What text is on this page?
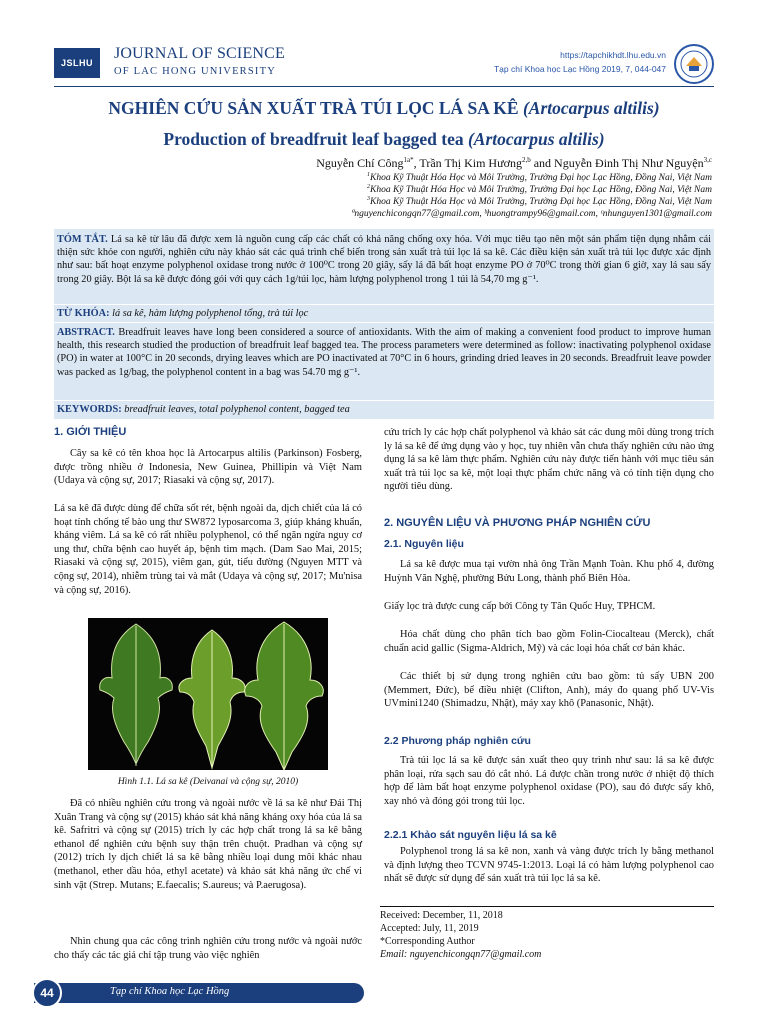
JSLHU
JOURNAL OF SCIENCE
OF LAC HONG UNIVERSITY
https://tapchikhdt.lhu.edu.vn
Tạp chí Khoa học Lạc Hồng 2019, 7, 044-047
NGHIÊN CỨU SẢN XUẤT TRÀ TÚI LỌC LÁ SA KÊ (Artocarpus altilis)
Production of breadfruit leaf bagged tea (Artocarpus altilis)
Nguyễn Chí Công$^{1a*}$, Trần Thị Kim Hương$^{2,b}$ and Nguyễn Đinh Thị Như Nguyện$^{3,c}$
$^1$Khoa Kỹ Thuật Hóa Học và Môi Trường, Trường Đại học Lạc Hồng, Đồng Nai, Việt Nam
$^2$Khoa Kỹ Thuật Hóa Học và Môi Trường, Trường Đại học Lạc Hồng, Đồng Nai, Việt Nam
$^3$Khoa Kỹ Thuật Hóa Học và Môi Trường, Trường Đại học Lạc Hồng, Đồng Nai, Việt Nam
ªnguyenchicongqn77@gmail.com, ᵇhuongtrampy96@gmail.com, ᶜnhunguyen1301@gmail.com
TÓM TẮT. Lá sa kê từ lâu đã được xem là nguồn cung cấp các chất có khả năng chống oxy hóa. Với mục tiêu tạo nên một sản phẩm tiện dụng nhằm cải thiện sức khỏe con người, nghiên cứu này khảo sát các quá trình chế biến trong sản xuất trà túi lọc lá sa kê. Các điều kiện sản xuất trà túi lọc được xác định như sau: bất hoạt enzyme polyphenol oxidase trong nước ở 100⁰C trong 20 giây, sấy lá đã bất hoạt enzyme PO ở 70⁰C trong thời gian 6 giờ, xay lá sau sấy trong 20 giây. Bột lá sa kê được đóng gói với quy cách 1g/túi lọc, hàm lượng polyphenol trong 1 túi là 54,70 mg g⁻¹.
TỪ KHÓA: lá sa kê, hàm lượng polyphenol tổng, trà túi lọc
ABSTRACT. Breadfruit leaves have long been considered a source of antioxidants. With the aim of making a convenient food product to improve human health, this research studied the production of breadfruit leaf bagged tea. The process parameters were determined as follow: inactivating polyphenol oxidase (PO) in water at 100°C in 20 seconds, drying leaves which are PO inactivated at 70°C in 6 hours, grinding dried leaves in 20 seconds. Breadfruit leave powder was packed as 1g/bag, the polyphenol content in a bag was 54.70 mg g⁻¹.
KEYWORDS: breadfruit leaves, total polyphenol content, bagged tea
1. GIỚI THIỆU
Cây sa kê có tên khoa học là Artocarpus altilis (Parkinson) Fosberg, được trồng nhiều ở Indonesia, New Guinea, Phillipin và Việt Nam (Udaya và cộng sự, 2017; Riasaki và cộng sự, 2017).
Lá sa kê đã được dùng để chữa sốt rét, bệnh ngoài da, dịch chiết của lá có hoạt tính chống tế bào ung thư SW872 lyposarcoma 3, giúp kháng khuẩn, kháng viêm. Lá sa kê có rất nhiều polyphenol, có thể ngăn ngừa nguy cơ ung thư, chữa bệnh cao huyết áp, bệnh tim mạch. (Dam Sao Mai, 2015; Riasaki và cộng sự, 2015), viêm gan, gút, tiểu đường (Nguyen MTT và cộng sự, 2014), nhiễm trùng tai và mắt (Udaya và cộng sự, 2017; Mu'nisa và cộng sự, 2016).
Hình 1.1. Lá sa kê (Deivanai và cộng sự, 2010)
Đã có nhiều nghiên cứu trong và ngoài nước về lá sa kê như Đái Thị Xuân Trang và cộng sự (2015) khảo sát khả năng kháng oxy hóa của lá sa kê. Safritri và cộng sự (2015) trích ly các hợp chất trong lá sa kê bằng ethanol để nghiên cứu bệnh suy thận trên chuột. Pradhan và cộng sự (2012) trích ly dịch chiết lá sa kê bằng nhiều loại dung môi khác nhau (methanol, ether dầu hỏa, ethyl acetate) và khảo sát khả năng ức chế vi sinh vật (Strep. Mutans; E.faecalis; S.aureus; và P.aerugosa).
Nhìn chung qua các công trình nghiên cứu trong nước và ngoài nước cho thấy các tác giả chỉ tập trung vào việc nghiên
cứu trích ly các hợp chất polyphenol và khảo sát các dung môi dùng trong trích ly lá sa kê để ứng dụng vào y học, tuy nhiên vẫn chưa thấy nghiên cứu nào ứng dụng lá sa kê làm thực phẩm. Nghiên cứu này được tiến hành với mục tiêu sản xuất trà túi lọc sa kê, một loại thực phẩm chức năng và có tính tiện dụng cho người tiêu dùng.
2. NGUYÊN LIỆU VÀ PHƯƠNG PHÁP NGHIÊN CỨU
2.1. Nguyên liệu
Lá sa kê được mua tại vườn nhà ông Trần Mạnh Toàn. Khu phố 4, đường Huỳnh Văn Nghệ, phường Bửu Long, thành phố Biên Hòa.
Giấy lọc trà được cung cấp bởi Công ty Tân Quốc Huy, TPHCM.
Hóa chất dùng cho phân tích bao gồm Folin-Ciocalteau (Merck), chất chuẩn acid gallic (Sigma-Aldrich, Mỹ) và các loại hóa chất cơ bản khác.
Các thiết bị sử dụng trong nghiên cứu bao gồm: tủ sấy UBN 200 (Memmert, Đức), bể điều nhiệt (Clifton, Anh), máy đo quang phổ UV-Vis UVmini1240 (Shimadzu, Nhật), máy xay khô (Panasonic, Nhật).
2.2 Phương pháp nghiên cứu
Trà túi lọc lá sa kê được sản xuất theo quy trình như sau: lá sa kê được phân loại, rửa sạch sau đó cắt nhỏ. Lá được chần trong nước ở nhiệt độ thích hợp để làm bất hoạt enzyme polyphenol oxidase (PO), sau đó được sấy khô, xay nhỏ và đóng gói trong túi lọc.
2.2.1 Khảo sát nguyên liệu lá sa kê
Polyphenol trong lá sa kê non, xanh và vàng được trích ly bằng methanol và định lượng theo TCVN 9745-1:2013. Loại lá có hàm lượng polyphenol cao nhất sẽ được sử dụng để sản xuất trà túi lọc lá sa kê.
Received: December, 11, 2018
Accepted: July, 11, 2019
*Corresponding Author
Email: nguyenchicongqn77@gmail.com
44	Tạp chí Khoa học Lạc Hồng
